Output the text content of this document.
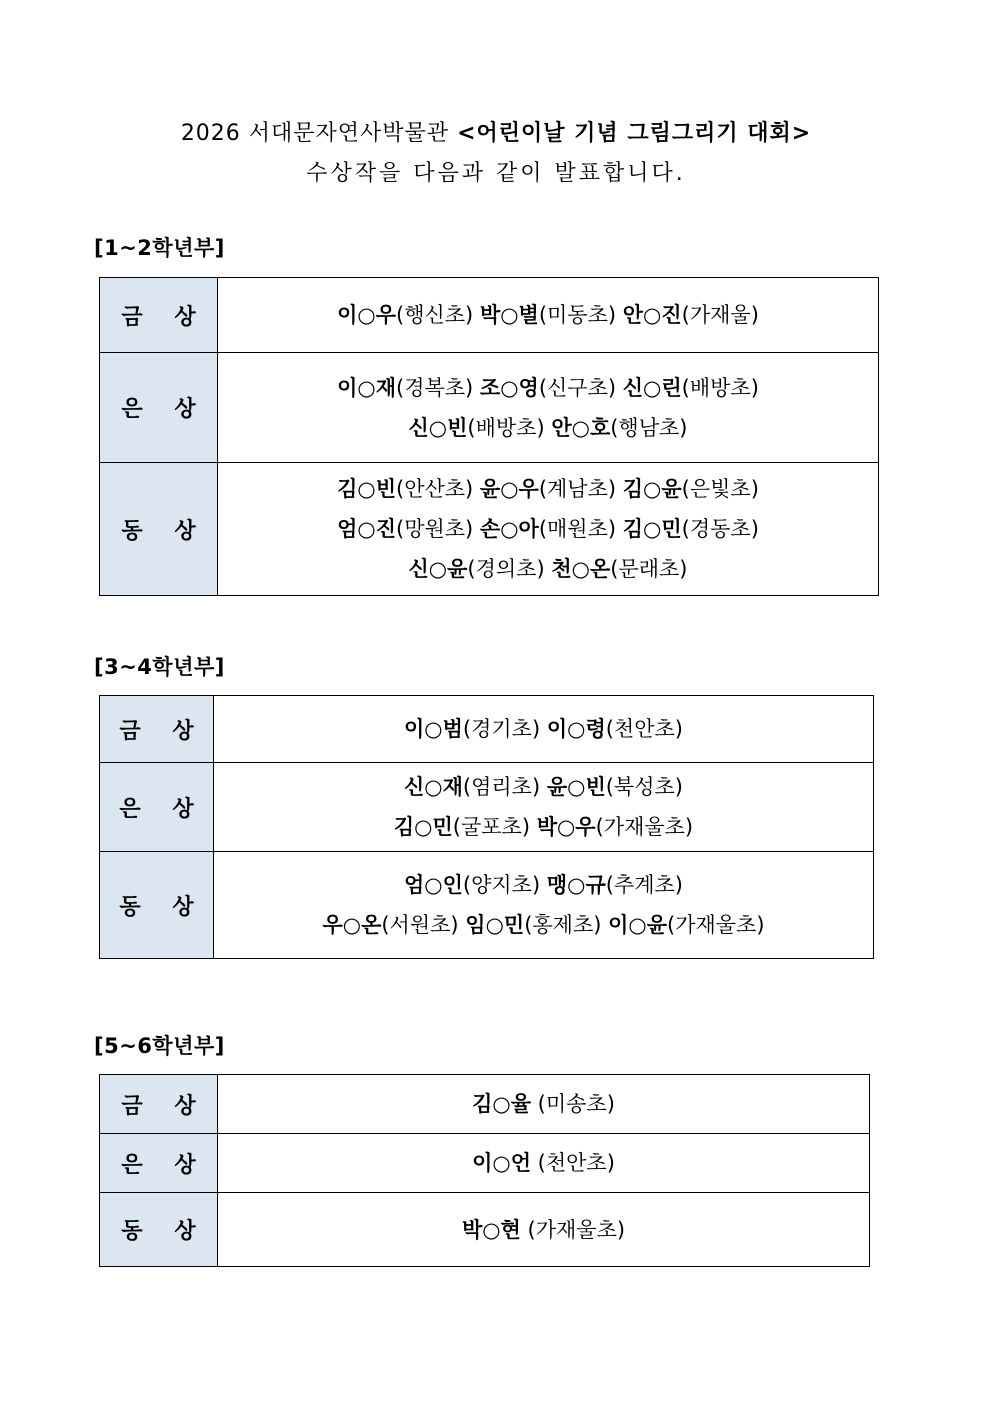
2026 서대문자연사박물관 <어린이날 기념 그림그리기 대회>
수상작을 다음과 같이 발표합니다.
[1~2학년부]
금 상	이○우(행신초) 박○별(미동초) 안○진(가재울)

은 상	이○재(경복초) 조○영(신구초) 신○린(배방초)
신○빈(배방초) 안○호(행남초)

동 상	김○빈(안산초) 윤○우(계남초) 김○윤(은빛초)
엄○진(망원초) 손○아(매원초) 김○민(경동초)
신○윤(경의초) 천○온(문래초)
[3~4학년부]
금 상	이○범(경기초) 이○령(천안초)

은 상	신○재(염리초) 윤○빈(북성초)
김○민(굴포초) 박○우(가재울초)

동 상	엄○인(양지초) 맹○규(추계초)
우○온(서원초) 임○민(홍제초) 이○윤(가재울초)
[5~6학년부]
금 상	김○율 (미송초)

은 상	이○언 (천안초)

동 상	박○현 (가재울초)
